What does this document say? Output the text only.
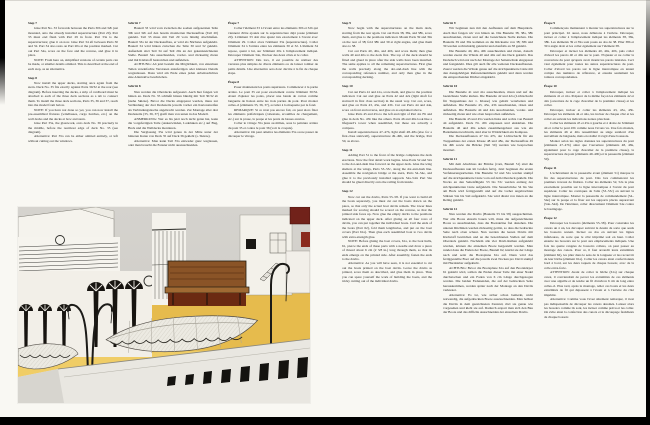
Step 7
Glue Part No. 33 forwards between the Parts 30b and 32b just mounted, onto the already installed superstructure (Part 20). Part 33 must end flush with Part 29 in front. Part 33a is the superstructure; glue it on now. Glue Part 34 aft between Parts 30 and 32. Part 34 also rests on Part 20a at the position marked. Cut out Part 34a, score on the face and the reverse, and glue it in place.
NOTE: From here on, simplified versions of certain parts can be made, or smaller details omitted. This is described at the end of each step, as an alternative.
Step 8
Now install the upper decks, starting once again from the stern. Deck No. 35 fits exactly against Parts 30/32 at the rear (see diagram). Before inserting the decks, a strip of cardboard must be attached to each of the three deck sections as a tab to connect them. To install the three deck sections, Parts 35, 36 and 37, reach into the model from below.
NOTE: If you have not done so yet, you can now install the pre-assembled fixtures (windlasses, cargo hatches, etc.) on the well decks and the decks at bow and stern.
Glue Part 35a, the glasswork, onto deck No. 36 precisely in the middle, before the rearmost edge of deck No. 35 (see diagram).
Alternative: Part 35a can be either omitted entirely, or left without cutting out the windows.
Schritt 7
Bauteil 33 wird vorn zwischen die soeben aufgesetzten Teile 30b und 32b auf den bereits montierten Decksaufbau (Teil 20) geklebt. Teil 33 muss mit Teil 29 vorn bündig abschließen. Bauteil 33a ist der Decksaufbau, er wird als Nächstes aufgeklebt. Bauteil 34 wird hinten zwischen die Teile 30 und 32 geklebt. Außerdem sitzt Teil 34 auf Teil 20a an der gekennzeichneten Stelle. Bauteil 34a ausschneiden, vorder- und rückseitig ritzen und mit Klebstoff bestreichen und aufkleben.
ACHTUNG: Ab jetzt besteht die Möglichkeit, von einzelnen Teilen vereinfachte Versionen anzufertigen oder kleinere Details wegzulassen. Dazu wird am Ende eines jeden Arbeitsschrittes eine Alternative beschrieben.
Schritt 8
Nun werden die Oberdecks aufgesetzt. Auch hier fangen wir hinten an. Deck Nr. 35 schließt hinten bündig mit Teil 30/32 ab (siehe Skizze). Bevor die Decks eingepasst werden, muss zur Verbindung der drei Decksteile jeweils vorher ein Kartonstreifen als Verbindungslasche angebracht werden. Zur Montage aller drei Decksteile (35, 36, 37) greift man von unten in das Modell.
ANMERKUNG: Wer es bis jetzt noch nicht getan hat, kann die vorgefertigten Teile (Ankerwinden, Ladeluken etc.) auf Bug, Heck und die Welldecks montieren.
Die Verglasung 35a wird genau in der Mitte unter der hinteren Kante von Deck 35 auf Deck 36 geklebt (s. Skizze).
Alternative: Man kann Teil 35a entweder ganz weglassen, oder man braucht die Fenster nicht auszuschneiden.
Étape 7
Coller l'élément 33 à l'avant entre les éléments 30b et 32b qui viennent d'être ajoutés sur la superstructure déjà posée (élément 20). L'élément 33 doit être ajusté très exactement à l'avant avec l'élément 29. Coller alors l'élément 33a (superstructure). Coller l'élément 34 à l'arrière entre les éléments 30 et 32. L'élément 34 repose, quant à lui, sur l'élément 20a à l'emplacement indiqué. Découper l'élément 34a, l'inciser des deux côtés et le coller.
ATTENTION: Dès lors, il est possible de réaliser des versions plus simples de divers éléments ou de laisser tomber de petits détails. Une alternative sera donc décrite à la fin de chaque étape.
Étape 8
Poser maintenant les ponts supérieurs. Commencer à la partie arrière. Le pont 35 est posé exactement contre l'élément 30/32. Avant d'ajuster les ponts, placer une bande de carton comme languette de liaison entre les trois parties du pont. Pour monter celles-ci (éléments 35, 36, 37), accéder à la maquette par le fond.
REMARQUE: Si ce n'est pas encore fait, on peut alors fixer les éléments préfabriqués (cabestans, écoutilles de chargement, etc.) sur la proue, la poupe et les ponts de basses œuvres.
Coller le vitrage 35a juste au milieu, sous la peinture arrière du pont 35 et contre le pont 36 (voir le croquis).
Alternative: On peut omettre les éléments 35a ou ne passer de découper le vitrage.
Step 9
Now begin with the superstructures on the main deck, starting from the rear again. Cut out Parts 38, 38a, and 38b, score them, and glue to the positions indicated. Mount Parts 39 and 39a on the rear of 38; fold 38b and 39 at right angles, and glue them also to 38.
Cut out Parts 40, 40a, and 40b, and score them; then glue walls 40 and 40a to the deck first. The top of the deck should be fitted and glued in place after the side walls have been installed. The same applies to all the remaining superstructures. First glue the walls precisely along the dot-and-dash line with the corresponding reference number, and only then glue in the corresponding decking.
Step 10
Cut out Parts 41 and 41a, score them, and glue to the position indicated. Cut out and glue on Parts 42 and 42a (light shaft for stairwell in first class section) in the usual way. Cut out, score, and glue on Parts 43, 43a, and 43b. Cut out Parts 44 and 44a, score on front and reverse, and glue on as explained above.
Glue Parts 45 and 45a to the left and right of Part 44. Fit and glue in deck No. 45b like the others. Parts 46 and 46a look like a lifeguard's tower when assembled, but these are actually a compass.
Install superstructures 47–47b, light shaft 48–48a (also for a first-class stairwell), superstructure 49–49b, and the bridge, Part 50, as above.
Step 11
Adding Part 51 to the front of the bridge completes the deck erections. Now the first detail work begins. Glue Parts 52 and 52a to the dot-and-dash line forward on the upper deck. Glue the wing shelters at the wings, Parts 53–53c, along the dot-and-dash line. Assemble the navigation bridge at the stern, Parts 54–54e, and glue it to the previously installed supports 54a–54d. Part 54e should be glued directly onto the railing from inside.
Step 12
Now cut out the davits, Parts 55–58. If you want to build all the boats separately, you must cut out the boats drawn on the piece, so that only the actual boat davits remain. The lower lines marked for scoring should be scored on the reverse, so that the printed side faces up. Now glue the empty davits to the positions indicated on the upper deck. After gluing on all four rows of davits, you can put together the individual boats. Curl the ends of the boats (Part 62), fold them lengthwise, and put on the boat covers (Part 61a). Then glue each assembled boat to two davits with extra-strength glue.
NOTE: Before gluing the boat covers, 61a, to the boat hulls, 61, pierce the ends of these parts with a needle and draw a piece of thread about 6 cm (2 3/8 in.) long through them, so that its ends emerge on the printed side. After assembly, fasten the ends to the davits.
Alternative: As you will have seen, it is not essential to cut out the boats printed on the boat davits. Leave the davits as printed, score them as described, and glue them in place. Thus you can spare yourself the work of building the boats, and the tricky cutting out of the individual davits.
Schritt 9
Wir beginnen nun mit den Aufbauten auf dem Hauptdeck. Auch hier fangen wir von hinten an. Die Bauteile 38, 38a, 38b ausschneiden, ritzen und auf die bezeichnete Stelle kleben. Die Bauteile 39 und 39a kommen an die Rückseite von 38; 38b und 39 werden rechtwinklig geknickt und ebenfalls an 38 geklebt.
Die Bauteile 40, 40a, 40b ausschneiden und ritzen, danach werden zuerst die Wände 40 und 40a auf das Deck geklebt. Das Deckdach wird erst nach der Montage der Seitenwände eingepasst und festgeklebt. Dies gilt auch für alle weiteren Decksaufbauten. Zuerst werden die Wände genau auf die strichpunktierte Linie mit den dazugehörigen Referenznummern geklebt und dann werden die entsprechenden Dächer eingeklebt.
Schritt 10
Die Bauteile 41 und 41a ausschneiden, ritzen und auf die bezeichnete Stelle kleben. Die Bauteile 42 und 42a (Lichtschacht für Treppenhaus der 1. Klasse) wie gehabt verarbeiten und aufkleben. Die Bauteile 43, 43a, 43b ausschneiden, ritzen und aufkleben. Die Bauteile 44 und 44a ausschneiden, vorder- und rückseitig ritzen und wie oben besprochen aufkleben.
Die Bauteile 45 und 45a werden links und rechts von Bauteil 44 aufgeklebt. Deck Nr. 45b einpassen und einkleben. Die Bauteile 46 und 46a sehen zusammengebaut aus wie ein Bademeisterwachturm, sind aber in Wirklichkeit ein Kompass.
Die Decksaufbauten 47 bis 47b, der Lichtschacht für ein Treppenhaus der ersten Klasse 48 und 48a, der Decksaufbau 49 bis 49b sowie die Brücke (Teil 50) werden wie besprochen montiert.
Schritt 11
Mit dem Abschluss der Brücke (vorn, Bauteil 51) sind die Decksaufbauten nun im Großen fertig. Jetzt beginnen die ersten Verfeinerungsarbeiten. Die Bauteile 52 und 52a werden stumpf auf die strichpunktierte Linie vorn auf dem Oberdeck geklebt. Die Nocks an den Seitenflügeln 53 bis 53c werden entlang der strichpunktierten Linie aufgeklebt. Die Steuerbrücke 54 bis 54e am Heck wird fertiggestellt und auf die vorher angebrachten Stützen 54a bis 54d aufgeklebt. 54e wird direkt von innen an die Reling geklebt.
Schritt 12
Nun werden die Davits (Bauteile 55 bis 58) ausgeschnitten. Wer alle Boote einzeln bauen will, muss die aufgezeichneten Boote so ausschneiden, dass die Bootskräne frei dastehen. Die unteren Ritzlinien werden rückseitig geritzt, so dass die bedruckte Seite nach oben schaut. Nun werden die leeren Davits mit Klebstoff bestrichen und an die bezeichneten Stellen auf dem Oberdeck geklebt. Nachdem alle vier Davit-Reihen aufgeklebt wurden, können die einzelnen Boote hergestellt werden. Man rundet dazu die Enden der Boote, Bauteil 62, knickt sie der Länge nach und setzt die Bootsplane 61a auf. Dann wird das fertiggestellte Boot auf die jeweils zwei Nocken pro Davit stumpf mit Harzkleber aufgeklebt.
ACHTUNG: Bevor die Bootsplane 61a auf den Bootskörper 61 geklebt wird, sollten die Enden dieser Teile mit einer Nadel durchstochen und ein Faden von 6 cm Länge durchgezogen werden. Die beiden Fadenenden, die auf der bedruckten Seite herauskommen, werden später nach der Montage an den Davits verknotet.
Alternative: Es ist, wie sicher schon bemerkt, nicht notwendig, die aufgedruckten Boote auszuschneiden. Man belässt die Davits in dem gezeichneten Zustand, ritzt sie genau wie vorgesehen und klebt sie auf. Dadurch erspart man sich den Bau der Boote und das diffizile Ausschneiden der einzelnen Davits.
Étape 9
Commençons maintenant à monter les superstructures sur le pont principal. Ici aussi, nous débutons à l'arrière. Découper, inciser et coller à l'emplacement indiqué les éléments 38, 38a, 38b. Les éléments 39 et 39a sont posés au dos de 38. Plier 38b et 39 à angle droit et les coller également sur l'élément 38.
Découper et inciser les éléments 40, 40a, 40b, puis coller d'abord les parois 40 et 40a sur le pont. N'ajuster et ne coller la couverture du pont qu'après avoir monté les parois latérales. Ceci vaut également pour toutes les autres superstructures du pont. Coller d'abord les parois sur la ligne interrompue en tenant compte des numéros de référence, et ensuite seulement les toitures correspondantes.
Étape 10
Découper, inciser et coller à l'emplacement indiqué les éléments 41 et 41a. Préparer de la même façon les éléments 42 et 42a (ouverture de la cage d'escalier de la première classe) et les coller.
Découper, inciser et coller les éléments 43, 43a, 43b. Découper les éléments 44 et 44a, les inciser de chaque côté et les coller en suivant les indications notées plus haut.
Coller les éléments 45 et 45a à gauche et à droite de l'élément 44 et coller le pont 45b comme nous l'avons vu. Une fois montés, les éléments 46 et 46a ressemblent au siège surélevé d'un surveillant de baignade, mais en réalité il s'agit d'une boussole.
Monter selon les règles données les superstructures du pont (éléments 47–47b) ainsi que l'ouverture (éléments 48, 48a, également pour la cage d'escalier de la première classe), la superstructure du pont (éléments 49–49b) et la passerelle (élément 50).
Étape 11
L'achèvement de la passerelle avant (élément 51) marque la fin des superstructures du pont. Dès lors commencent les premiers travaux de finition. Coller les éléments 52, 52a le plus exactement possible sur la ligne interrompue à l'avant du pont supérieur. Coller les corniques de l'aile (53–53c) en suivant la ligne interrompue. Monter la passerelle de commandement (54–54e) sur la poupe et la fixer sur les supports placés auparavant (54a–54d). De l'intérieur, coller directement l'élément 54e contre le bastingage.
Étape 12
Découper les bossoirs (éléments 55–58). Pour construire les canots un à un, les découper suivant le dessin de sorte que seuls les bossoirs restent. Inciser au dos en suivant les lignes inférieures, de sorte que le côté imprimé soit en haut. Coller ensuite les bossoirs sur le pont aux emplacements indiqués. Une fois les quatre rangées de bossoirs collées, on peut passer au montage des canots. Pour ce, il faut arrondir leurs extrémités (élément 62), les plier dans le sens de la longueur et les recouvrir de leur bâche (élément 61a). Coller les canots ainsi confectionnés bord à bord, sur les deux taquets de chaque bossoir, avec de la colle extra-forte.
ATTENTION: Avant de coller la bâche (61a) sur chaque canot, il conviendrait de percer les extrémités de ces éléments avec une aiguille et de tendre un fil d'environ 6 cm de long entre celles-ci. Plus tard, après le montage, relier ces bouts et les deux extrémités de fil qui dépassent à l'avant et à l'arrière du côté imprimé.
Alternative: Comme vous l'avez sûrement remarqué, il n'est pas indispensable de découper les canots dessinés. Laisser alors les bossoirs comme ils sont, les inciser comme prévu et les coller. On évite ainsi la confection des canots et le découpage fastidieux de chaque bossoir.
